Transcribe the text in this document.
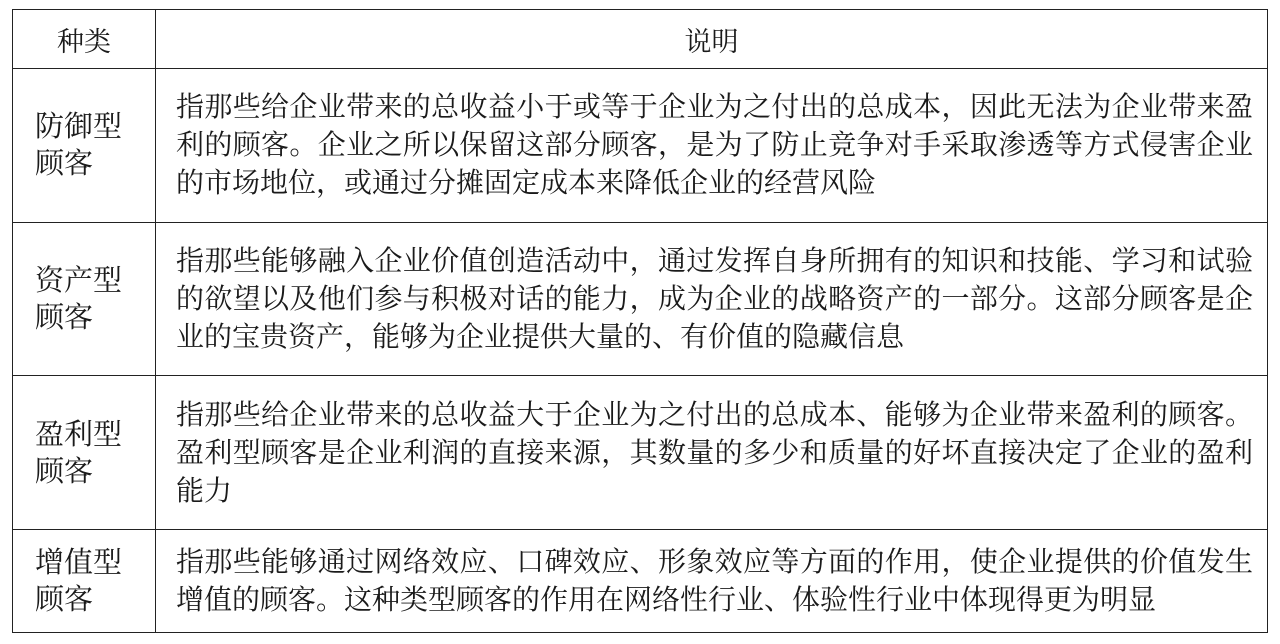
种类	说明
防御型顾客	指那些给企业带来的总收益小于或等于企业为之付出的总成本，因此无法为企业带来盈利的顾客。企业之所以保留这部分顾客，是为了防止竞争对手采取渗透等方式侵害企业的市场地位，或通过分摊固定成本来降低企业的经营风险
资产型顾客	指那些能够融入企业价值创造活动中，通过发挥自身所拥有的知识和技能、学习和试验的欲望以及他们参与积极对话的能力，成为企业的战略资产的一部分。这部分顾客是企业的宝贵资产，能够为企业提供大量的、有价值的隐藏信息
盈利型顾客	指那些给企业带来的总收益大于企业为之付出的总成本、能够为企业带来盈利的顾客。盈利型顾客是企业利润的直接来源，其数量的多少和质量的好坏直接决定了企业的盈利能力
增值型顾客	指那些能够通过网络效应、口碑效应、形象效应等方面的作用，使企业提供的价值发生增值的顾客。这种类型顾客的作用在网络性行业、体验性行业中体现得更为明显
